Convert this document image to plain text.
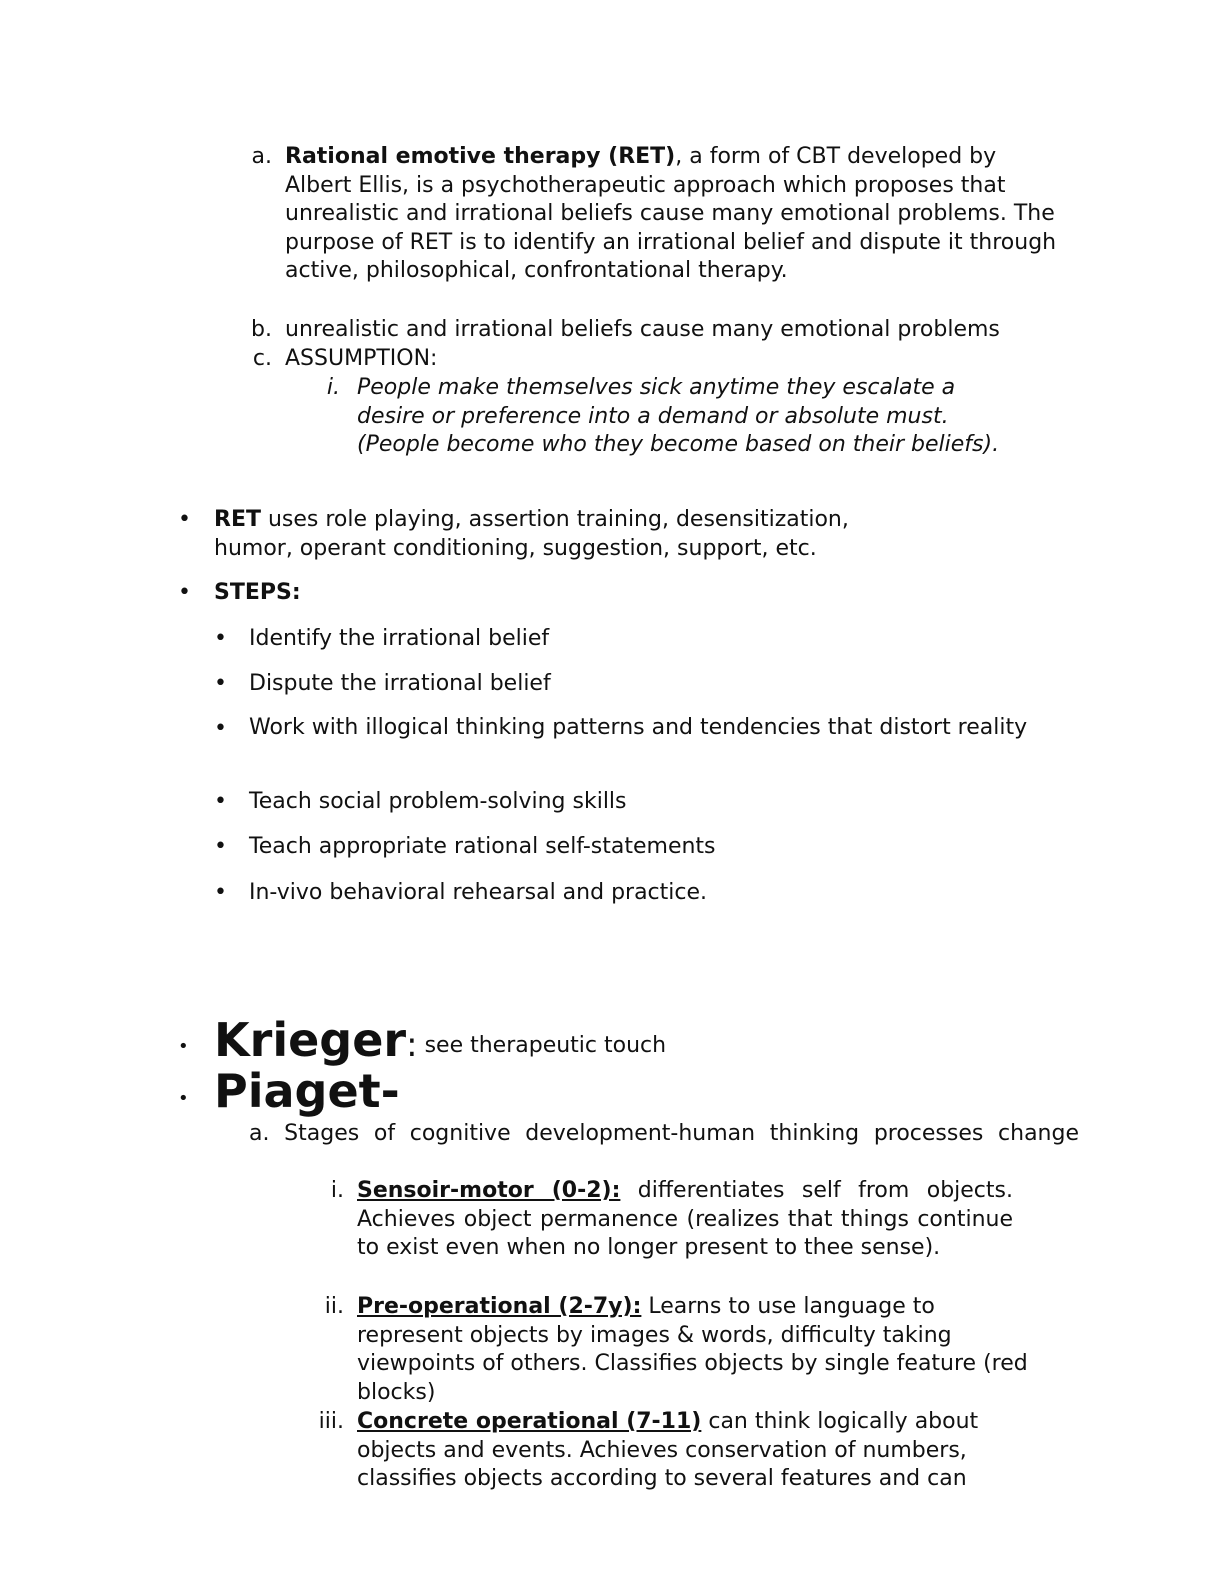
a. Rational emotive therapy (RET), a form of CBT developed by Albert Ellis, is a psychotherapeutic approach which proposes that unrealistic and irrational beliefs cause many emotional problems. The purpose of RET is to identify an irrational belief and dispute it through active, philosophical, confrontational therapy.
b. unrealistic and irrational beliefs cause many emotional problems
c. ASSUMPTION:
i. People make themselves sick anytime they escalate a desire or preference into a demand or absolute must. (People become who they become based on their beliefs).
• RET uses role playing, assertion training, desensitization, humor, operant conditioning, suggestion, support, etc.
• STEPS:
• Identify the irrational belief
• Dispute the irrational belief
• Work with illogical thinking patterns and tendencies that distort reality
• Teach social problem-solving skills
• Teach appropriate rational self-statements
• In-vivo behavioral rehearsal and practice.
• Krieger: see therapeutic touch
• Piaget-
a. Stages of cognitive development-human thinking processes change
i. Sensoir-motor (0-2): differentiates self from objects. Achieves object permanence (realizes that things continue to exist even when no longer present to thee sense).
ii. Pre-operational (2-7y): Learns to use language to represent objects by images & words, difficulty taking viewpoints of others. Classifies objects by single feature (red blocks)
iii. Concrete operational (7-11) can think logically about objects and events. Achieves conservation of numbers, classifies objects according to several features and can
